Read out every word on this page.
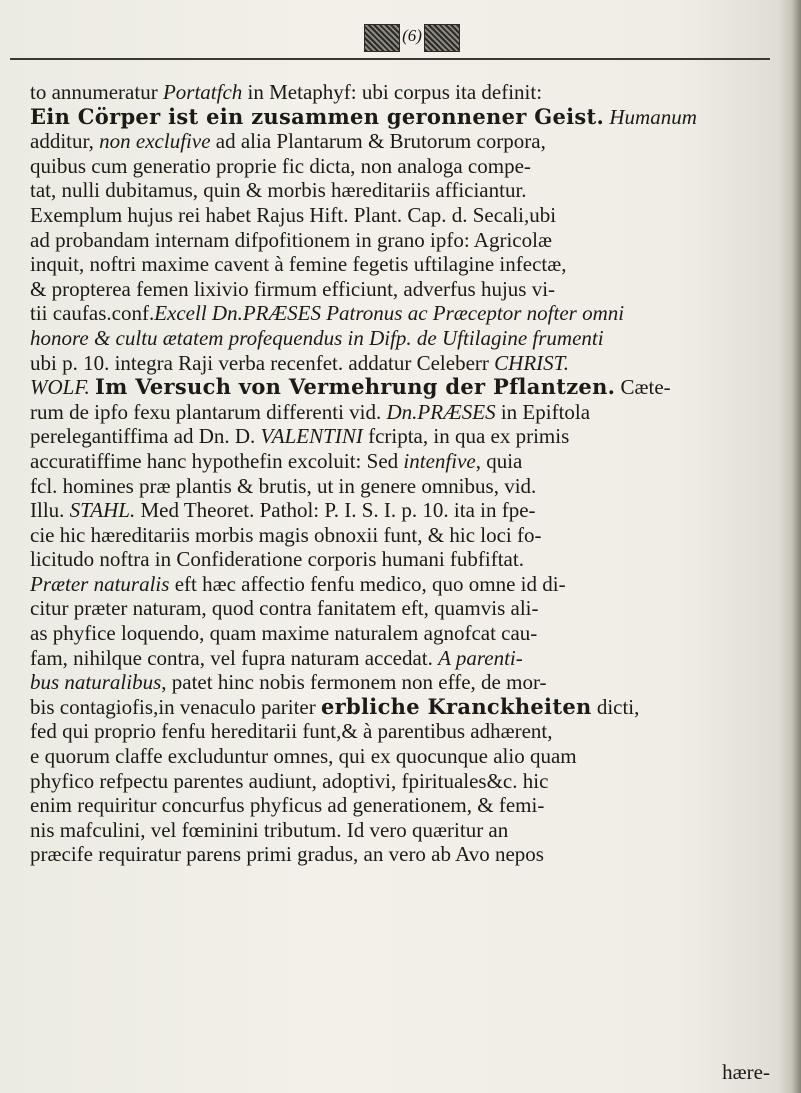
(6)
to annumeratur Portatfch in Metaphyf: ubi corpus ita definit:
Ein Cörper ist ein zusammen geronnener Geist. Humanum
additur, non exclufive ad alia Plantarum & Brutorum corpora,
quibus cum generatio proprie fic dicta, non analoga compe-
tat, nulli dubitamus, quin & morbis hæreditariis afficiantur.
Exemplum hujus rei habet Rajus Hift. Plant. Cap. d. Secali,ubi
ad probandam internam difpofitionem in grano ipfo: Agricolæ
inquit, noftri maxime cavent à femine fegetis uftilagine infectæ,
& propterea femen lixivio firmum efficiunt, adverfus hujus vi-
tii caufas.conf.Excell Dn.PRÆSES Patronus ac Præceptor nofter omni
honore & cultu ætatem profequendus in Difp. de Uftilagine frumenti
ubi p. 10. integra Raji verba recenfet. addatur Celeberr CHRIST.
WOLF. Im Versuch von Vermehrung der Pflantzen. Cæte-
rum de ipfo fexu plantarum differenti vid. Dn.PRÆSES in Epiftola
perelegantiffima ad Dn. D. VALENTINI fcripta, in qua ex primis
accuratiffime hanc hypothefin excoluit: Sed intenfive, quia
fcl. homines præ plantis & brutis, ut in genere omnibus, vid.
Illu. STAHL. Med Theoret. Pathol: P. I. S. I. p. 10. ita in fpe-
cie hic hæreditariis morbis magis obnoxii funt, & hic loci fo-
licitudo noftra in Confideratione corporis humani fubfiftat.
Præter naturalis eft hæc affectio fenfu medico, quo omne id di-
citur præter naturam, quod contra fanitatem eft, quamvis ali-
as phyfice loquendo, quam maxime naturalem agnofcat cau-
fam, nihilque contra, vel fupra naturam accedat. A parenti-
bus naturalibus, patet hinc nobis fermonem non effe, de mor-
bis contagiofis,in venaculo pariter erbliche Kranckheiten dicti,
fed qui proprio fenfu hereditarii funt,& à parentibus adhærent,
e quorum claffe excluduntur omnes, qui ex quocunque alio quam
phyfico refpectu parentes audiunt, adoptivi, fpirituales&c. hic
enim requiritur concurfus phyficus ad generationem, & femi-
nis mafculini, vel fœminini tributum. Id vero quæritur an
præcife requiratur parens primi gradus, an vero ab Avo nepos
hære-
